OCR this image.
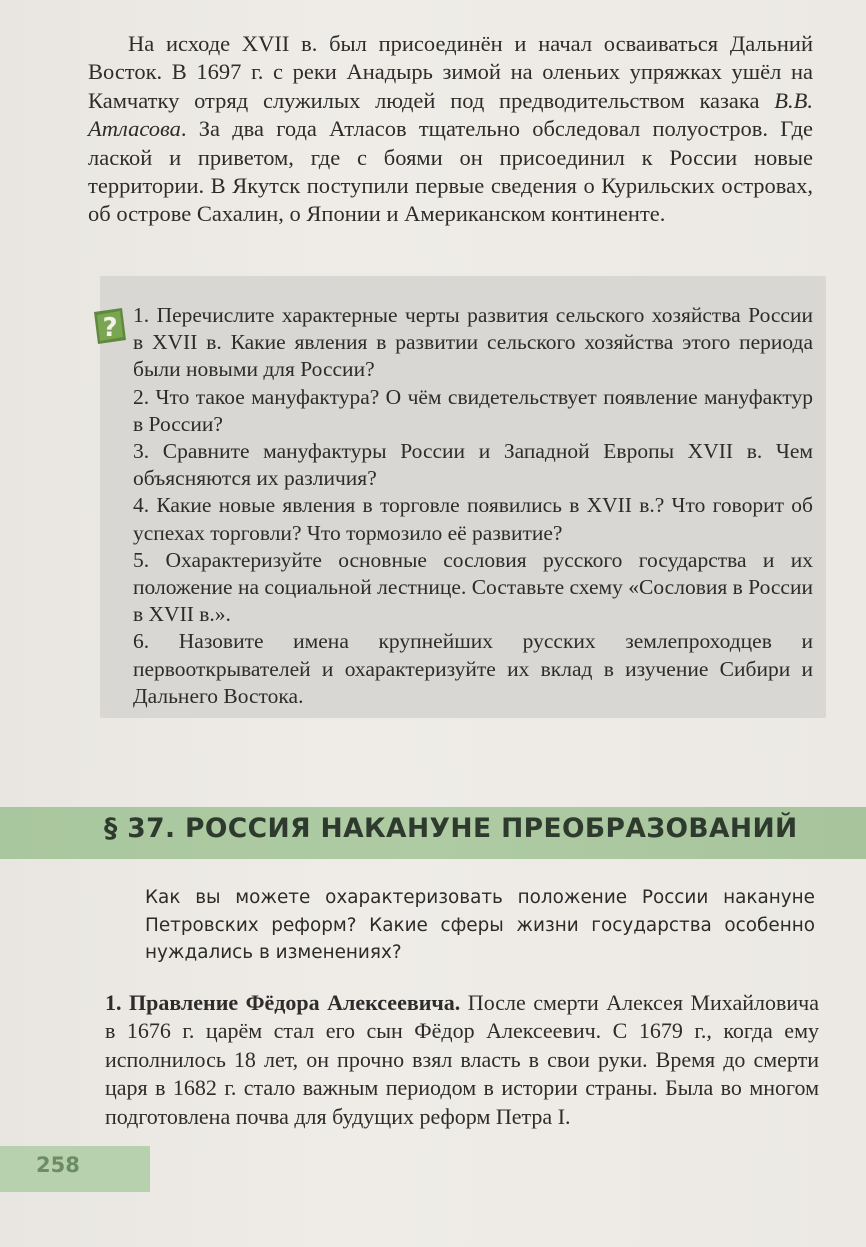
На исходе XVII в. был присоединён и начал осваиваться Дальний Восток. В 1697 г. с реки Анадырь зимой на оленьих упряжках ушёл на Камчатку отряд служилых людей под предводительством казака В.В. Атласова. За два года Атласов тщательно обследовал полуостров. Где лаской и приветом, где с боями он присоединил к России новые территории. В Якутск поступили первые сведения о Курильских островах, об острове Сахалин, о Японии и Американском континенте.

? 1. Перечислите характерные черты развития сельского хозяйства России в XVII в. Какие явления в развитии сельского хозяйства этого периода были новыми для России?
2. Что такое мануфактура? О чём свидетельствует появление мануфактур в России?
3. Сравните мануфактуры России и Западной Европы XVII в. Чем объясняются их различия?
4. Какие новые явления в торговле появились в XVII в.? Что говорит об успехах торговли? Что тормозило её развитие?
5. Охарактеризуйте основные сословия русского государства и их положение на социальной лестнице. Составьте схему «Сословия в России в XVII в.».
6. Назовите имена крупнейших русских землепроходцев и первооткрывателей и охарактеризуйте их вклад в изучение Сибири и Дальнего Востока.
§ 37. РОССИЯ НАКАНУНЕ ПРЕОБРАЗОВАНИЙ

Как вы можете охарактеризовать положение России накануне Петровских реформ? Какие сферы жизни государства особенно нуждались в изменениях?

1. Правление Фёдора Алексеевича. После смерти Алексея Михайловича в 1676 г. царём стал его сын Фёдор Алексеевич. С 1679 г., когда ему исполнилось 18 лет, он прочно взял власть в свои руки. Время до смерти царя в 1682 г. стало важным периодом в истории страны. Была во многом подготовлена почва для будущих реформ Петра I.

258
